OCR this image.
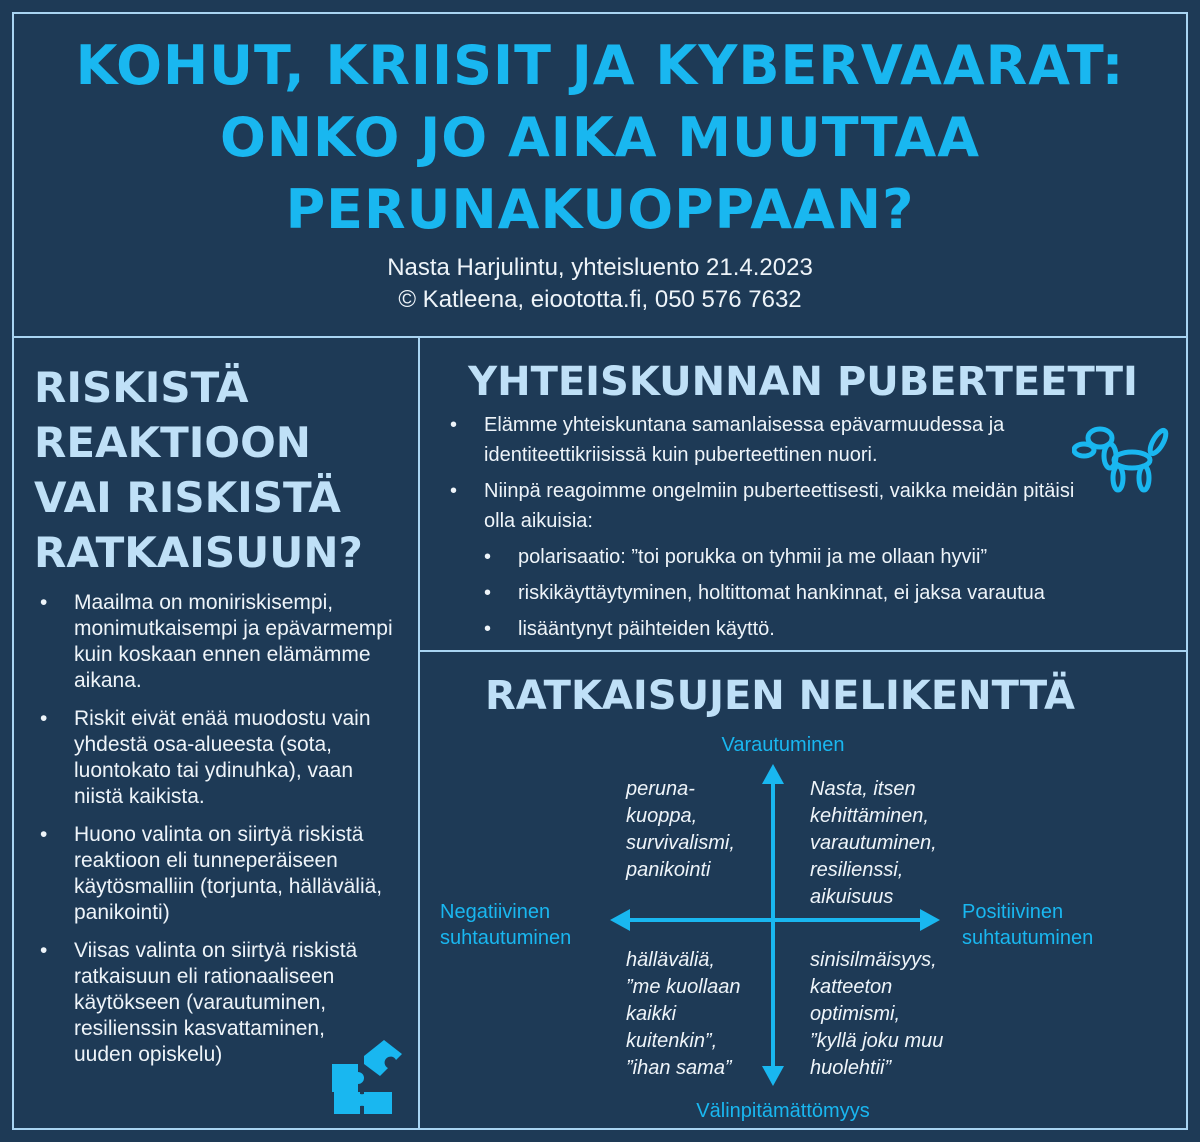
KOHUT, KRIISIT JA KYBERVAARAT:
ONKO JO AIKA MUUTTAA
PERUNAKUOPPAAN?
Nasta Harjulintu, yhteisluento 21.4.2023
© Katleena, eioototta.fi, 050 576 7632
RISKISTÄ
REAKTIOON
VAI RISKISTÄ
RATKAISUUN?
• Maailma on moniriskisempi, monimutkaisempi ja epävarmempi kuin koskaan ennen elämämme aikana.
• Riskit eivät enää muodostu vain yhdestä osa-alueesta (sota, luontokato tai ydinuhka), vaan niistä kaikista.
• Huono valinta on siirtyä riskistä reaktioon eli tunneperäiseen käytösmalliin (torjunta, hälläväliä, panikointi)
• Viisas valinta on siirtyä riskistä ratkaisuun eli rationaaliseen käytökseen (varautuminen, resilienssin kasvattaminen, uuden opiskelu)
YHTEISKUNNAN PUBERTEETTI
• Elämme yhteiskuntana samanlaisessa epävarmuudessa ja identiteettikriisissä kuin puberteettinen nuori.
• Niinpä reagoimme ongelmiin puberteettisesti, vaikka meidän pitäisi olla aikuisia:
• polarisaatio: ”toi porukka on tyhmii ja me ollaan hyvii”
• riskikäyttäytyminen, holtittomat hankinnat, ei jaksa varautua
• lisääntynyt päihteiden käyttö.
RATKAISUJEN NELIKENTTÄ
Varautuminen
Välinpitämättömyys
Negatiivinen
suhtautuminen
Positiivinen
suhtautuminen
peruna-
kuoppa,
survivalismi,
panikointi
Nasta, itsen
kehittäminen,
varautuminen,
resilienssi,
aikuisuus
hälläväliä,
”me kuollaan
kaikki
kuitenkin”,
”ihan sama”
sinisilmäisyys,
katteeton
optimismi,
”kyllä joku muu
huolehtii”
